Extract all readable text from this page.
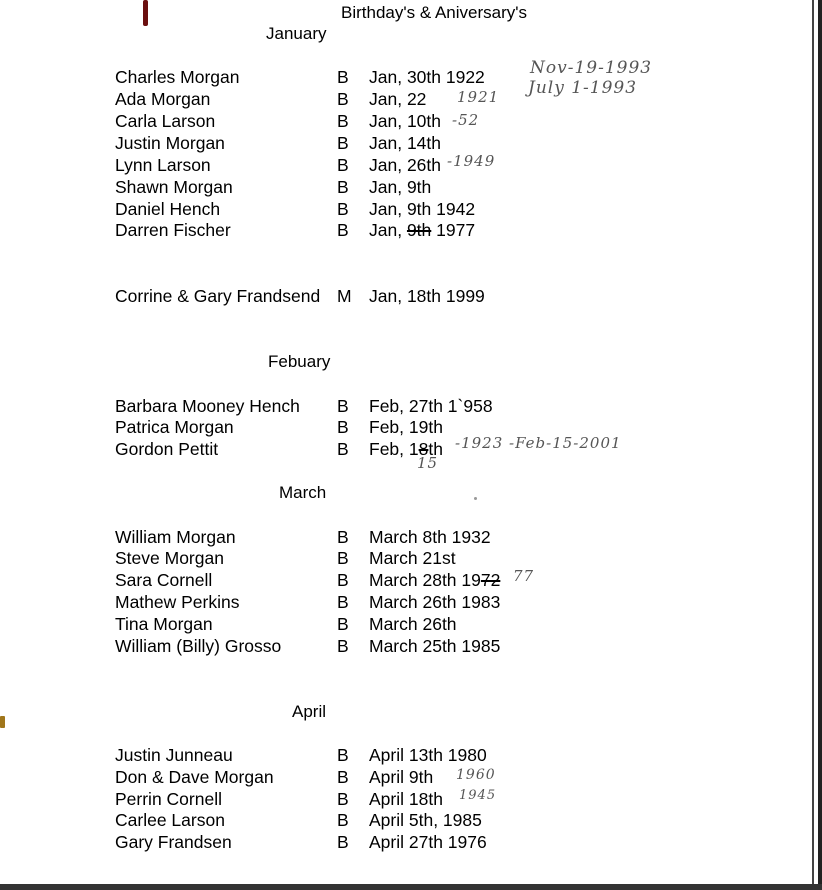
Birthday's & Aniversary's
January
Charles Morgan	B Jan, 30th 1922
Ada Morgan	B Jan, 22
Carla Larson	B Jan, 10th
Justin Morgan	B Jan, 14th
Lynn Larson	B Jan, 26th
Shawn Morgan	B Jan, 9th
Daniel Hench	B Jan, 9th 1942
Darren Fischer	B Jan, 9th 1977
Corrine & Gary Frandsend M Jan, 18th 1999
Febuary
Barbara Mooney Hench B Feb, 27th 1`958
Patrica Morgan	B Feb, 19th
Gordon Pettit	B Feb, 18th
March
William Morgan	B March 8th 1932
Steve Morgan	B March 21st
Sara Cornell	B March 28th 1972
Mathew Perkins	B March 26th 1983
Tina Morgan	B March 26th
William (Billy) Grosso	B March 25th 1985
April
Justin Junneau	B April 13th 1980
Don & Dave Morgan	B April 9th
Perrin Cornell	B April 18th
Carlee Larson	B April 5th, 1985
Gary Frandsen	B April 27th 1976
Nov-19-1993
July 1-1993
1921
-52
-1949
-1923 -Feb-15-2001
15
77
1960
1945
